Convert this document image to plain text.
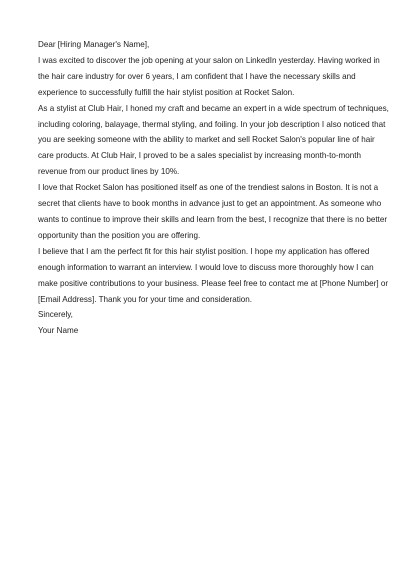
Dear [Hiring Manager's Name],

I was excited to discover the job opening at your salon on LinkedIn yesterday. Having worked in the hair care industry for over 6 years, I am confident that I have the necessary skills and experience to successfully fulfill the hair stylist position at Rocket Salon.

As a stylist at Club Hair, I honed my craft and became an expert in a wide spectrum of techniques, including coloring, balayage, thermal styling, and foiling. In your job description I also noticed that you are seeking someone with the ability to market and sell Rocket Salon's popular line of hair care products. At Club Hair, I proved to be a sales specialist by increasing month-to-month revenue from our product lines by 10%.

I love that Rocket Salon has positioned itself as one of the trendiest salons in Boston. It is not a secret that clients have to book months in advance just to get an appointment. As someone who wants to continue to improve their skills and learn from the best, I recognize that there is no better opportunity than the position you are offering.

I believe that I am the perfect fit for this hair stylist position. I hope my application has offered enough information to warrant an interview. I would love to discuss more thoroughly how I can make positive contributions to your business. Please feel free to contact me at [Phone Number] or [Email Address]. Thank you for your time and consideration.

Sincerely,

Your Name
